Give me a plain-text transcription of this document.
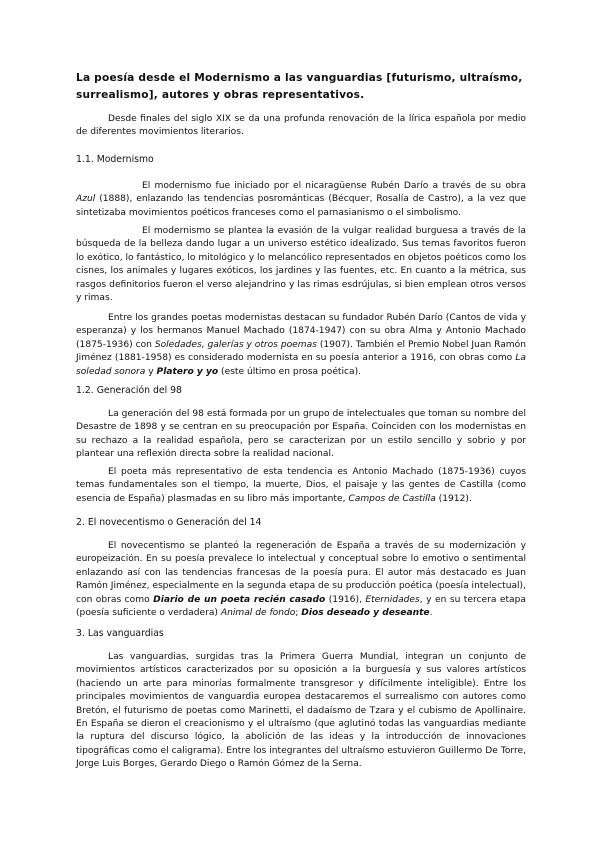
La poesía desde el Modernismo a las vanguardias [futurismo, ultraísmo, surrealismo], autores y obras representativos.
Desde finales del siglo XIX se da una profunda renovación de la lírica española por medio de diferentes movimientos literarios.
1.1. Modernismo
El modernismo fue iniciado por el nicaragüense Rubén Darío a través de su obra Azul (1888), enlazando las tendencias posrománticas (Bécquer, Rosalía de Castro), a la vez que sintetizaba movimientos poéticos franceses como el parnasianismo o el simbolismo.
El modernismo se plantea la evasión de la vulgar realidad burguesa a través de la búsqueda de la belleza dando lugar a un universo estético idealizado. Sus temas favoritos fueron lo exótico, lo fantástico, lo mitológico y lo melancólico representados en objetos poéticos como los cisnes, los animales y lugares exóticos, los jardines y las fuentes, etc. En cuanto a la métrica, sus rasgos definitorios fueron el verso alejandrino y las rimas esdrújulas, si bien emplean otros versos y rimas.
Entre los grandes poetas modernistas destacan su fundador Rubén Darío (Cantos de vida y esperanza) y los hermanos Manuel Machado (1874-1947) con su obra Alma y Antonio Machado (1875-1936) con Soledades, galerías y otros poemas (1907). También el Premio Nobel Juan Ramón Jiménez (1881-1958) es considerado modernista en su poesía anterior a 1916, con obras como La soledad sonora y Platero y yo (este último en prosa poética).
1.2. Generación del 98
La generación del 98 está formada por un grupo de intelectuales que toman su nombre del Desastre de 1898 y se centran en su preocupación por España. Coinciden con los modernistas en su rechazo a la realidad española, pero se caracterizan por un estilo sencillo y sobrio y por plantear una reflexión directa sobre la realidad nacional.
El poeta más representativo de esta tendencia es Antonio Machado (1875-1936) cuyos temas fundamentales son el tiempo, la muerte, Dios, el paisaje y las gentes de Castilla (como esencia de España) plasmadas en su libro más importante, Campos de Castilla (1912).
2. El novecentismo o Generación del 14
El novecentismo se planteó la regeneración de España a través de su modernización y europeización. En su poesía prevalece lo intelectual y conceptual sobre lo emotivo o sentimental enlazando así con las tendencias francesas de la poesía pura. El autor más destacado es Juan Ramón Jiménez, especialmente en la segunda etapa de su producción poética (poesía intelectual), con obras como Diario de un poeta recién casado (1916), Eternidades, y en su tercera etapa (poesía suficiente o verdadera) Animal de fondo; Dios deseado y deseante.
3. Las vanguardias
Las vanguardias, surgidas tras la Primera Guerra Mundial, integran un conjunto de movimientos artísticos caracterizados por su oposición a la burguesía y sus valores artísticos (haciendo un arte para minorías formalmente transgresor y difícilmente inteligible). Entre los principales movimientos de vanguardia europea destacaremos el surrealismo con autores como Bretón, el futurismo de poetas como Marinetti, el dadaísmo de Tzara y el cubismo de Apollinaire. En España se dieron el creacionismo y el ultraísmo (que aglutinó todas las vanguardias mediante la ruptura del discurso lógico, la abolición de las ideas y la introducción de innovaciones tipográficas como el caligrama). Entre los integrantes del ultraísmo estuvieron Guillermo De Torre, Jorge Luis Borges, Gerardo Diego o Ramón Gómez de la Serna.
